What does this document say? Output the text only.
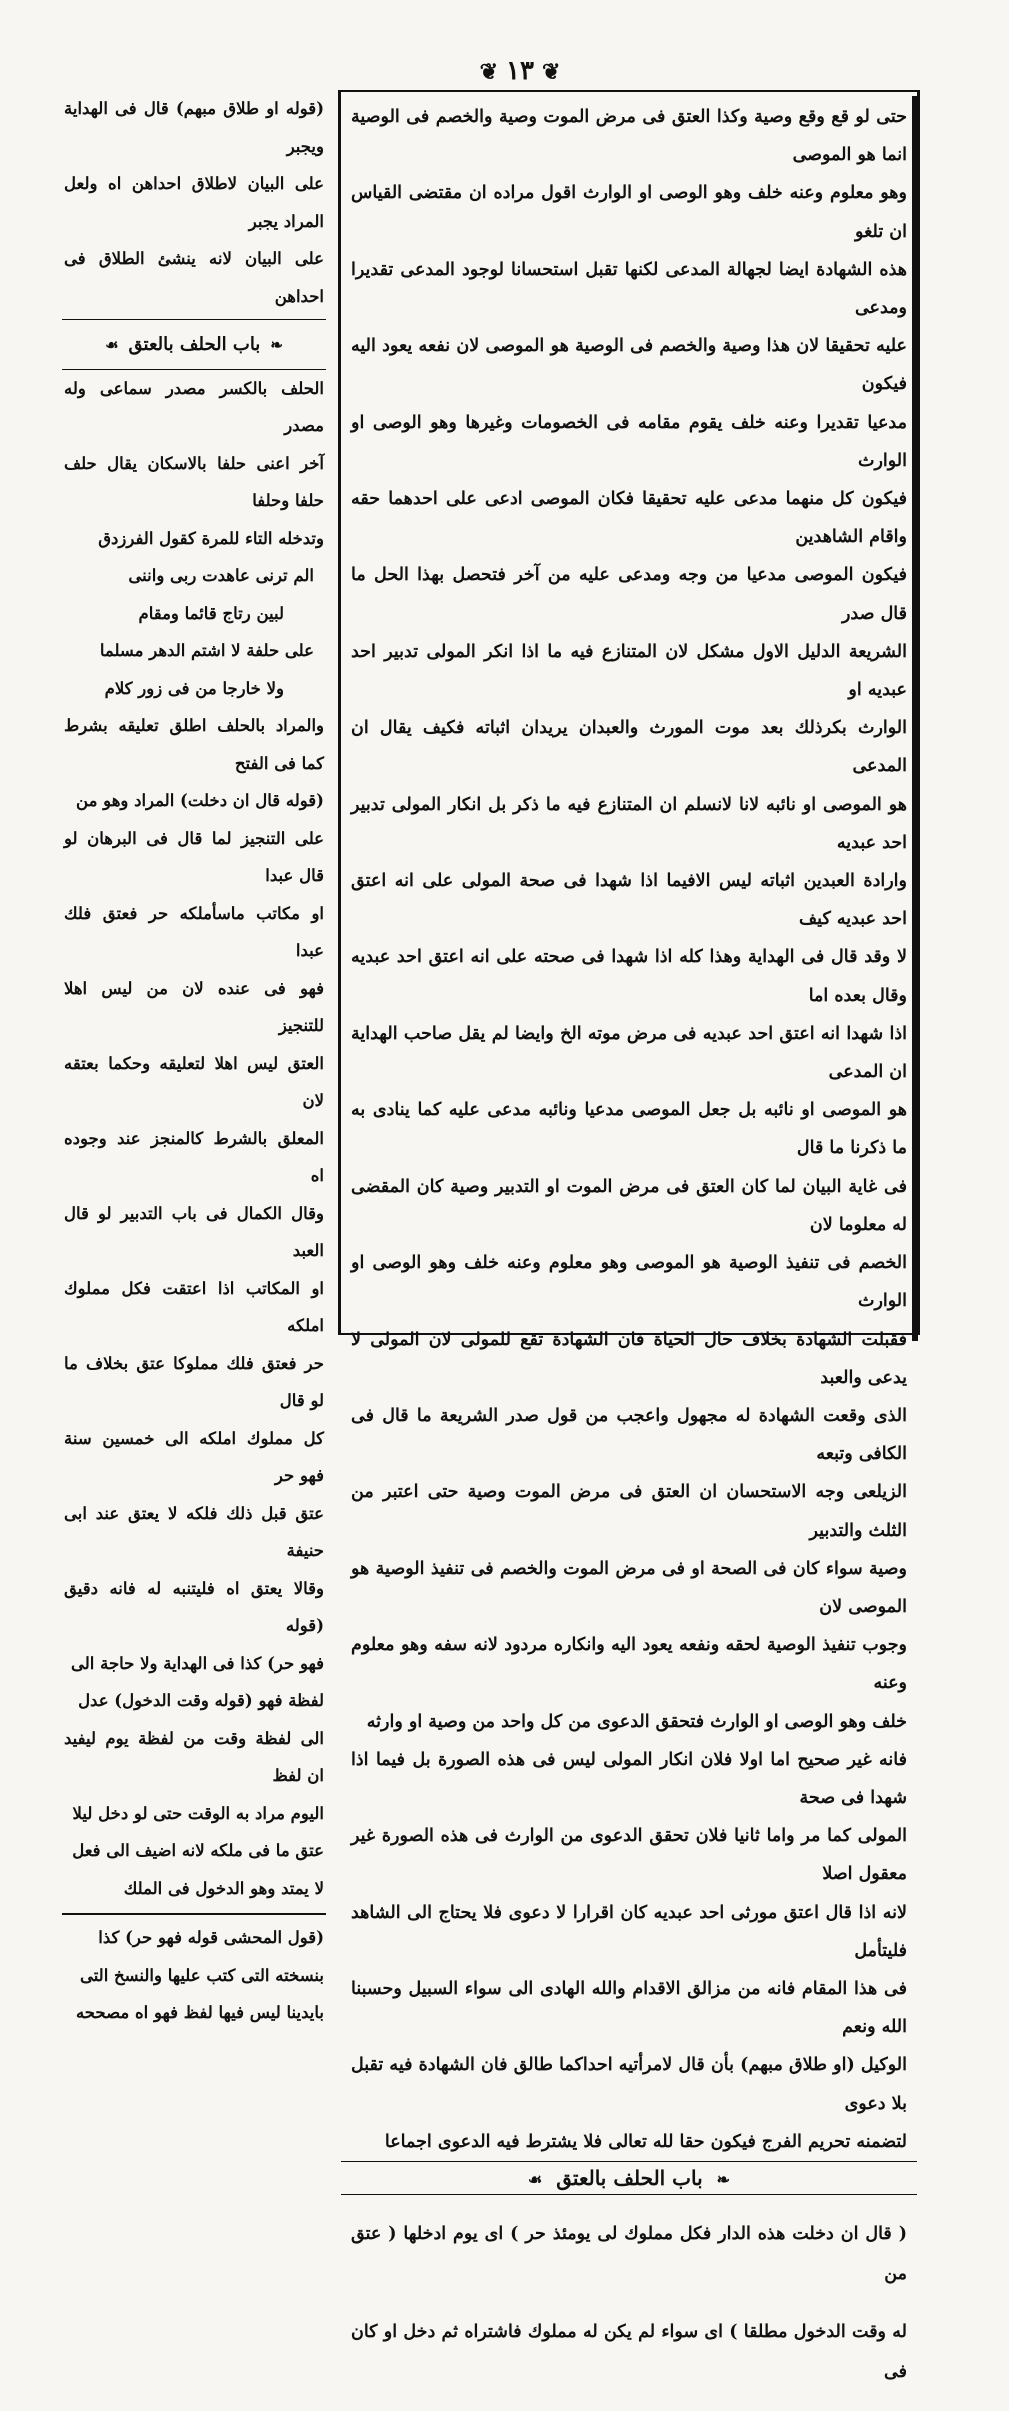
❦ ١٣ ❦

حتى لو قع وقع وصية وكذا العتق فى مرض الموت وصية والخصم فى الوصية انما هو الموصى

وهو معلوم وعنه خلف وهو الوصى او الوارث اقول مراده ان مقتضى القياس ان تلغو

هذه الشهادة ايضا لجهالة المدعى لكنها تقبل استحسانا لوجود المدعى تقديرا ومدعى

عليه تحقيقا لان هذا وصية والخصم فى الوصية هو الموصى لان نفعه يعود اليه فيكون

مدعيا تقديرا وعنه خلف يقوم مقامه فى الخصومات وغيرها وهو الوصى او الوارث

فيكون كل منهما مدعى عليه تحقيقا فكان الموصى ادعى على احدهما حقه واقام الشاهدين

فيكون الموصى مدعيا من وجه ومدعى عليه من آخر فتحصل بهذا الحل ما قال صدر

الشريعة الدليل الاول مشكل لان المتنازع فيه ما اذا انكر المولى تدبير احد عبديه او

الوارث بكرذلك بعد موت المورث والعبدان يريدان اثباته فكيف يقال ان المدعى

هو الموصى او نائبه لانا لانسلم ان المتنازع فيه ما ذكر بل انكار المولى تدبير احد عبديه

وارادة العبدين اثباته ليس الافيما اذا شهدا فى صحة المولى على انه اعتق احد عبديه كيف

لا وقد قال فى الهداية وهذا كله اذا شهدا فى صحته على انه اعتق احد عبديه وقال بعده اما

اذا شهدا انه اعتق احد عبديه فى مرض موته الخ وايضا لم يقل صاحب الهداية ان المدعى

هو الموصى او نائبه بل جعل الموصى مدعيا ونائبه مدعى عليه كما ينادى به ما ذكرنا ما قال

فى غاية البيان لما كان العتق فى مرض الموت او التدبير وصية كان المقضى له معلوما لان

الخصم فى تنفيذ الوصية هو الموصى وهو معلوم وعنه خلف وهو الوصى او الوارث

فقبلت الشهادة بخلاف حال الحياة فان الشهادة تقع للمولى لان المولى لا يدعى والعبد

الذى وقعت الشهادة له مجهول واعجب من قول صدر الشريعة ما قال فى الكافى وتبعه

الزيلعى وجه الاستحسان ان العتق فى مرض الموت وصية حتى اعتبر من الثلث والتدبير

وصية سواء كان فى الصحة او فى مرض الموت والخصم فى تنفيذ الوصية هو الموصى لان

وجوب تنفيذ الوصية لحقه ونفعه يعود اليه وانكاره مردود لانه سفه وهو معلوم وعنه

خلف وهو الوصى او الوارث فتحقق الدعوى من كل واحد من وصية او وارثه

فانه غير صحيح اما اولا فلان انكار المولى ليس فى هذه الصورة بل فيما اذا شهدا فى صحة

المولى كما مر واما ثانيا فلان تحقق الدعوى من الوارث فى هذه الصورة غير معقول اصلا

لانه اذا قال اعتق مورثى احد عبديه كان اقرارا لا دعوى فلا يحتاج الى الشاهد فليتأمل

فى هذا المقام فانه من مزالق الاقدام والله الهادى الى سواء السبيل وحسبنا الله ونعم

الوكيل (او طلاق مبهم) بأن قال لامرأتيه احداكما طالق فان الشهادة فيه تقبل بلا دعوى

لتضمنه تحريم الفرج فيكون حقا لله تعالى فلا يشترط فيه الدعوى اجماعا

❧باب الحلف بالعتق☙

( قال ان دخلت هذه الدار فكل مملوك لى يومئذ حر ) اى يوم ادخلها ( عتق من

له وقت الدخول مطلقا ) اى سواء لم يكن له مملوك فاشتراه ثم دخل او كان فى

(قوله او طلاق مبهم) قال فى الهداية ويجبر

على البيان لاطلاق احداهن اه ولعل المراد يجبر

على البيان لانه ينشئ الطلاق فى احداهن

❧باب الحلف بالعتق☙

الحلف بالكسر مصدر سماعى وله مصدر

آخر اعنى حلفا بالاسكان يقال حلف حلفا وحلفا

وتدخله التاء للمرة كقول الفرزدق

الم ترنى عاهدت ربى واننى

لبين رتاج قائما ومقام

على حلفة لا اشتم الدهر مسلما

ولا خارجا من فى زور كلام

والمراد بالحلف اطلق تعليقه بشرط كما فى الفتح

(قوله قال ان دخلت) المراد وهو من

على التنجيز لما قال فى البرهان لو قال عبدا

او مكاتب ماسأملكه حر فعتق فلك عبدا

فهو فى عنده لان من ليس اهلا للتنجيز

العتق ليس اهلا لتعليقه وحكما بعتقه لان

المعلق بالشرط كالمنجز عند وجوده اه

وقال الكمال فى باب التدبير لو قال العبد

او المكاتب اذا اعتقت فكل مملوك املكه

حر فعتق فلك مملوكا عتق بخلاف ما لو قال

كل مملوك املكه الى خمسين سنة فهو حر

عتق قبل ذلك فلكه لا يعتق عند ابى حنيفة

وقالا يعتق اه فليتنبه له فانه دقيق (قوله

فهو حر) كذا فى الهداية ولا حاجة الى

لفظة فهو (قوله وقت الدخول) عدل

الى لفظة وقت من لفظة يوم ليفيد ان لفظ

اليوم مراد به الوقت حتى لو دخل ليلا

عتق ما فى ملكه لانه اضيف الى فعل

لا يمتد وهو الدخول فى الملك

(قول المحشى قوله فهو حر) كذا

بنسخته التى كتب عليها والنسخ التى

بايدينا ليس فيها لفظ فهو اه مصححه
